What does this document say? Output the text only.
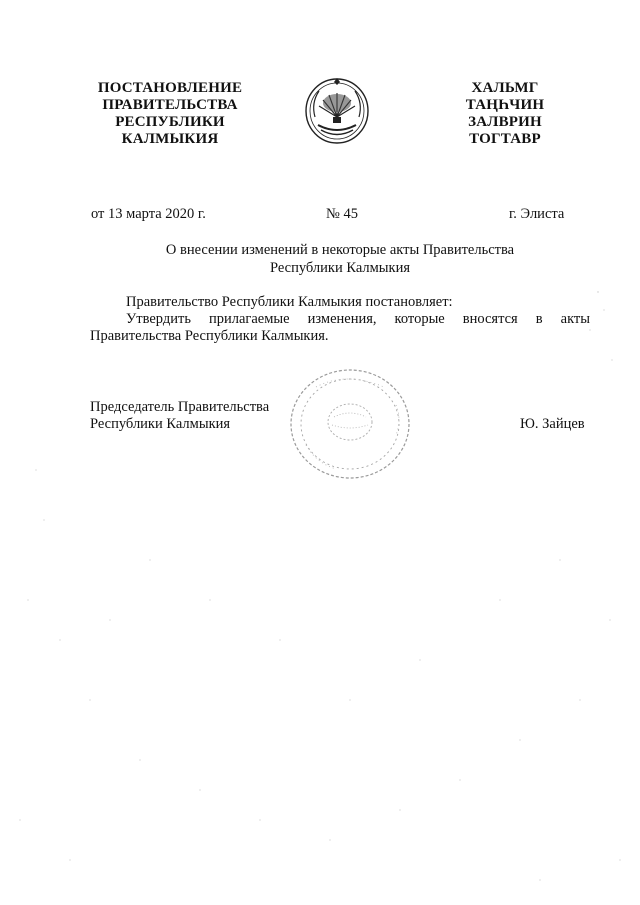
ПОСТАНОВЛЕНИЕ
ПРАВИТЕЛЬСТВА
РЕСПУБЛИКИ
КАЛМЫКИЯ
ХАЛЬМГ
ТАҢҺЧИН
ЗАЛВРИН
ТОГТАВР
от 13 марта 2020 г.	№ 45	г. Элиста
О внесении изменений в некоторые акты Правительства
Республики Калмыкия

Правительство Республики Калмыкия постановляет:

Утвердить прилагаемые изменения, которые вносятся в акты Правительства Республики Калмыкия.

Председатель Правительства
Республики Калмыкия	Ю. Зайцев
